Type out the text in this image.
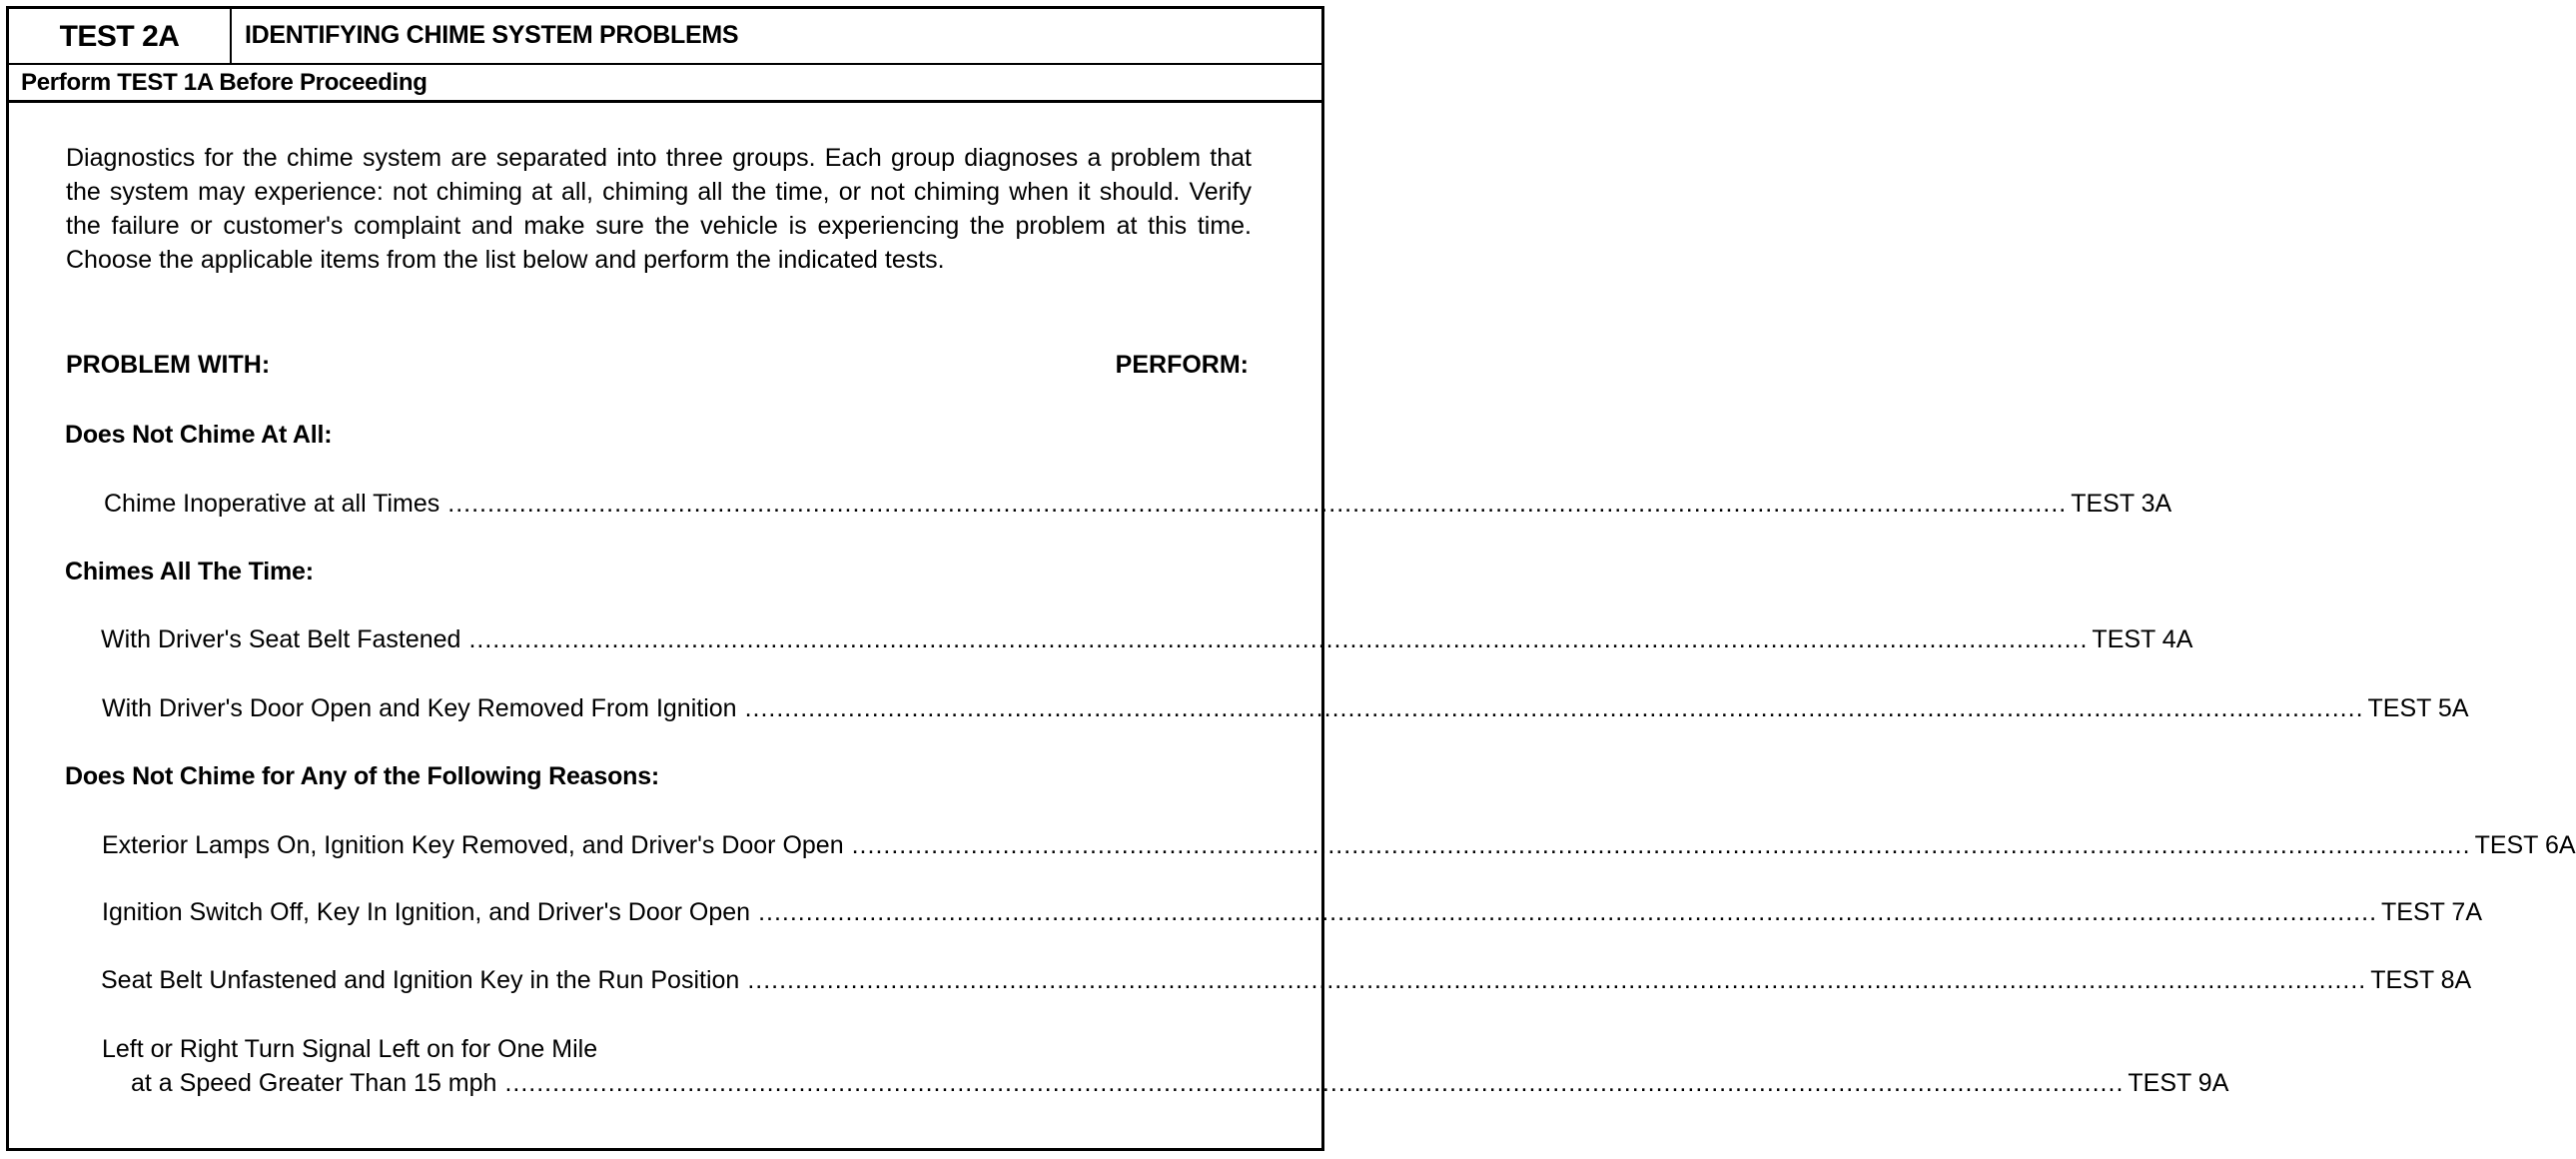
TEST 2A	IDENTIFYING CHIME SYSTEM PROBLEMS
Perform TEST 1A Before Proceeding
Diagnostics for the chime system are separated into three groups. Each group diagnoses a problem that the system may experience: not chiming at all, chiming all the time, or not chiming when it should. Verify the failure or customer's complaint and make sure the vehicle is experiencing the problem at this time. Choose the applicable items from the list below and perform the indicated tests.
PROBLEM WITH:	PERFORM:
Does Not Chime At All:
Chime Inoperative at all Times ............................................................................................................................................................................................................ TEST 3A
Chimes All The Time:
With Driver's Seat Belt Fastened ............................................................................................................................................................................................................ TEST 4A
With Driver's Door Open and Key Removed From Ignition ............................................................................................................................................................................................................ TEST 5A
Does Not Chime for Any of the Following Reasons:
Exterior Lamps On, Ignition Key Removed, and Driver's Door Open ............................................................................................................................................................................................................ TEST 6A
Ignition Switch Off, Key In Ignition, and Driver's Door Open ............................................................................................................................................................................................................ TEST 7A
Seat Belt Unfastened and Ignition Key in the Run Position ............................................................................................................................................................................................................ TEST 8A
Left or Right Turn Signal Left on for One Mile
at a Speed Greater Than 15 mph ............................................................................................................................................................................................................ TEST 9A
